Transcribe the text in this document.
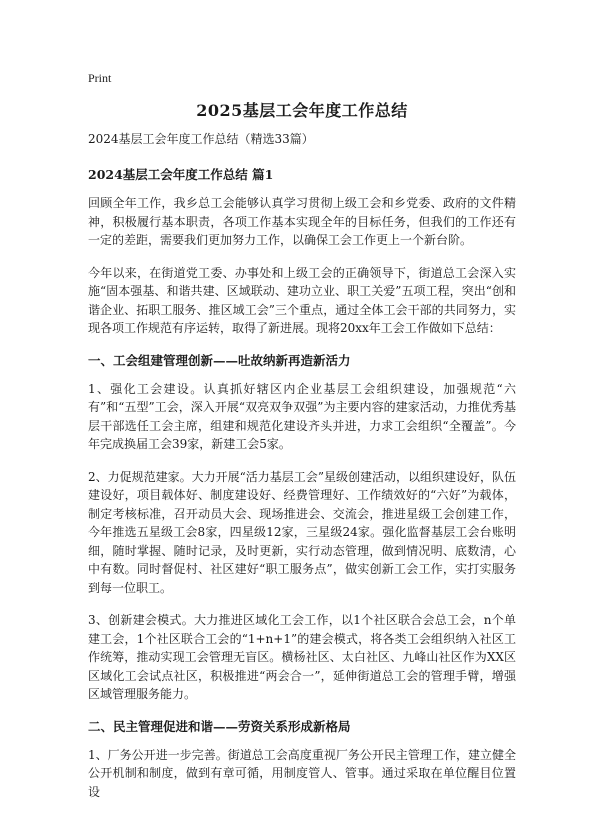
Print
2025基层工会年度工作总结

2024基层工会年度工作总结（精选33篇）

2024基层工会年度工作总结 篇1

回顾全年工作，我乡总工会能够认真学习贯彻上级工会和乡党委、政府的文件精神，积极履行基本职责，各项工作基本实现全年的目标任务，但我们的工作还有一定的差距，需要我们更加努力工作，以确保工会工作更上一个新台阶。

今年以来，在街道党工委、办事处和上级工会的正确领导下，街道总工会深入实施“固本强基、和谐共建、区域联动、建功立业、职工关爱”五项工程，突出“创和谐企业、拓职工服务、推区域工会”三个重点，通过全体工会干部的共同努力，实现各项工作规范有序运转，取得了新进展。现将20xx年工会工作做如下总结：

一、工会组建管理创新——吐故纳新再造新活力

1、强化工会建设。认真抓好辖区内企业基层工会组织建设，加强规范“六有”和“五型”工会，深入开展“双亮双争双强”为主要内容的建家活动，力推优秀基层干部选任工会主席，组建和规范化建设齐头并进，力求工会组织“全覆盖”。今年完成换届工会39家，新建工会5家。

2、力促规范建家。大力开展“活力基层工会”星级创建活动，以组织建设好，队伍建设好，项目载体好、制度建设好、经费管理好、工作绩效好的“六好”为载体，制定考核标准，召开动员大会、现场推进会、交流会，推进星级工会创建工作，今年推选五星级工会8家，四星级12家，三星级24家。强化监督基层工会台账明细，随时掌握、随时记录，及时更新，实行动态管理，做到情况明、底数清，心中有数。同时督促村、社区建好“职工服务点”，做实创新工会工作，实打实服务到每一位职工。

3、创新建会模式。大力推进区域化工会工作，以1个社区联合会总工会，n个单建工会，1个社区联合工会的“1+n+1”的建会模式，将各类工会组织纳入社区工作统筹，推动实现工会管理无盲区。横杨社区、太白社区、九峰山社区作为XX区区域化工会试点社区，积极推进“两会合一”，延伸街道总工会的管理手臂，增强区域管理服务能力。

二、民主管理促进和谐——劳资关系形成新格局

1、厂务公开进一步完善。街道总工会高度重视厂务公开民主管理工作，建立健全公开机制和制度，做到有章可循，用制度管人、管事。通过采取在单位醒目位置设
